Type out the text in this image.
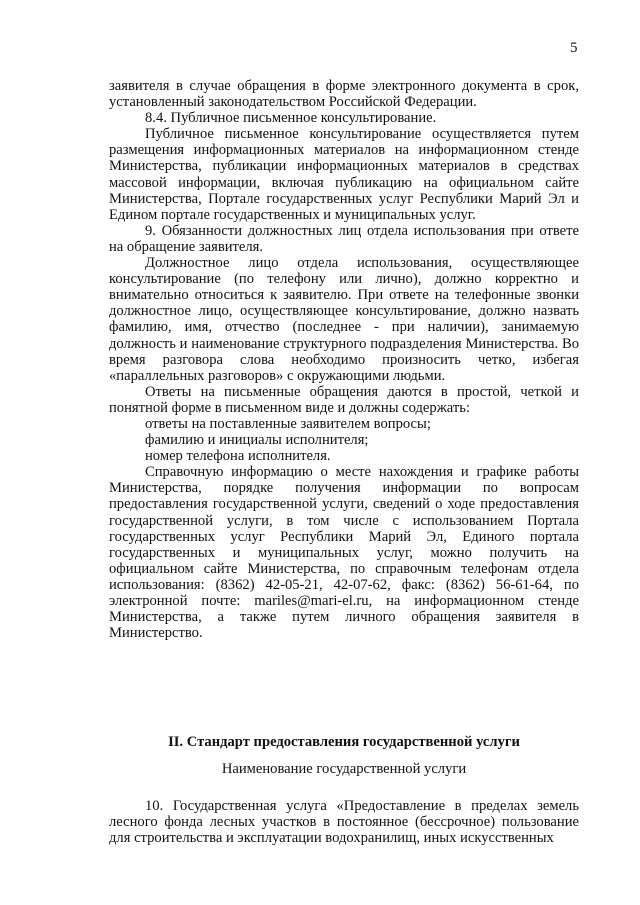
5

заявителя в случае обращения в форме электронного документа в срок, установленный законодательством Российской Федерации.

8.4. Публичное письменное консультирование.

Публичное письменное консультирование осуществляется путем размещения информационных материалов на информационном стенде Министерства, публикации информационных материалов в средствах массовой информации, включая публикацию на официальном сайте Министерства, Портале государственных услуг Республики Марий Эл и Едином портале государственных и муниципальных услуг.

9. Обязанности должностных лиц отдела использования при ответе на обращение заявителя.

Должностное лицо отдела использования, осуществляющее консультирование (по телефону или лично), должно корректно и внимательно относиться к заявителю. При ответе на телефонные звонки должностное лицо, осуществляющее консультирование, должно назвать фамилию, имя, отчество (последнее - при наличии), занимаемую должность и наименование структурного подразделения Министерства. Во время разговора слова необходимо произносить четко, избегая «параллельных разговоров» с окружающими людьми.

Ответы на письменные обращения даются в простой, четкой и понятной форме в письменном виде и должны содержать:

ответы на поставленные заявителем вопросы;

фамилию и инициалы исполнителя;

номер телефона исполнителя.

Справочную информацию о месте нахождения и графике работы Министерства, порядке получения информации по вопросам предоставления государственной услуги, сведений о ходе предоставления государственной услуги, в том числе с использованием Портала государственных услуг Республики Марий Эл, Единого портала государственных и муниципальных услуг, можно получить на официальном сайте Министерства, по справочным телефонам отдела использования: (8362) 42-05-21, 42-07-62, факс: (8362) 56-61-64, по электронной почте: mariles@mari-el.ru, на информационном стенде Министерства, а также путем личного обращения заявителя в Министерство.

II. Стандарт предоставления государственной услуги

Наименование государственной услуги

10. Государственная услуга «Предоставление в пределах земель лесного фонда лесных участков в постоянное (бессрочное) пользование для строительства и эксплуатации водохранилищ, иных искусственных
